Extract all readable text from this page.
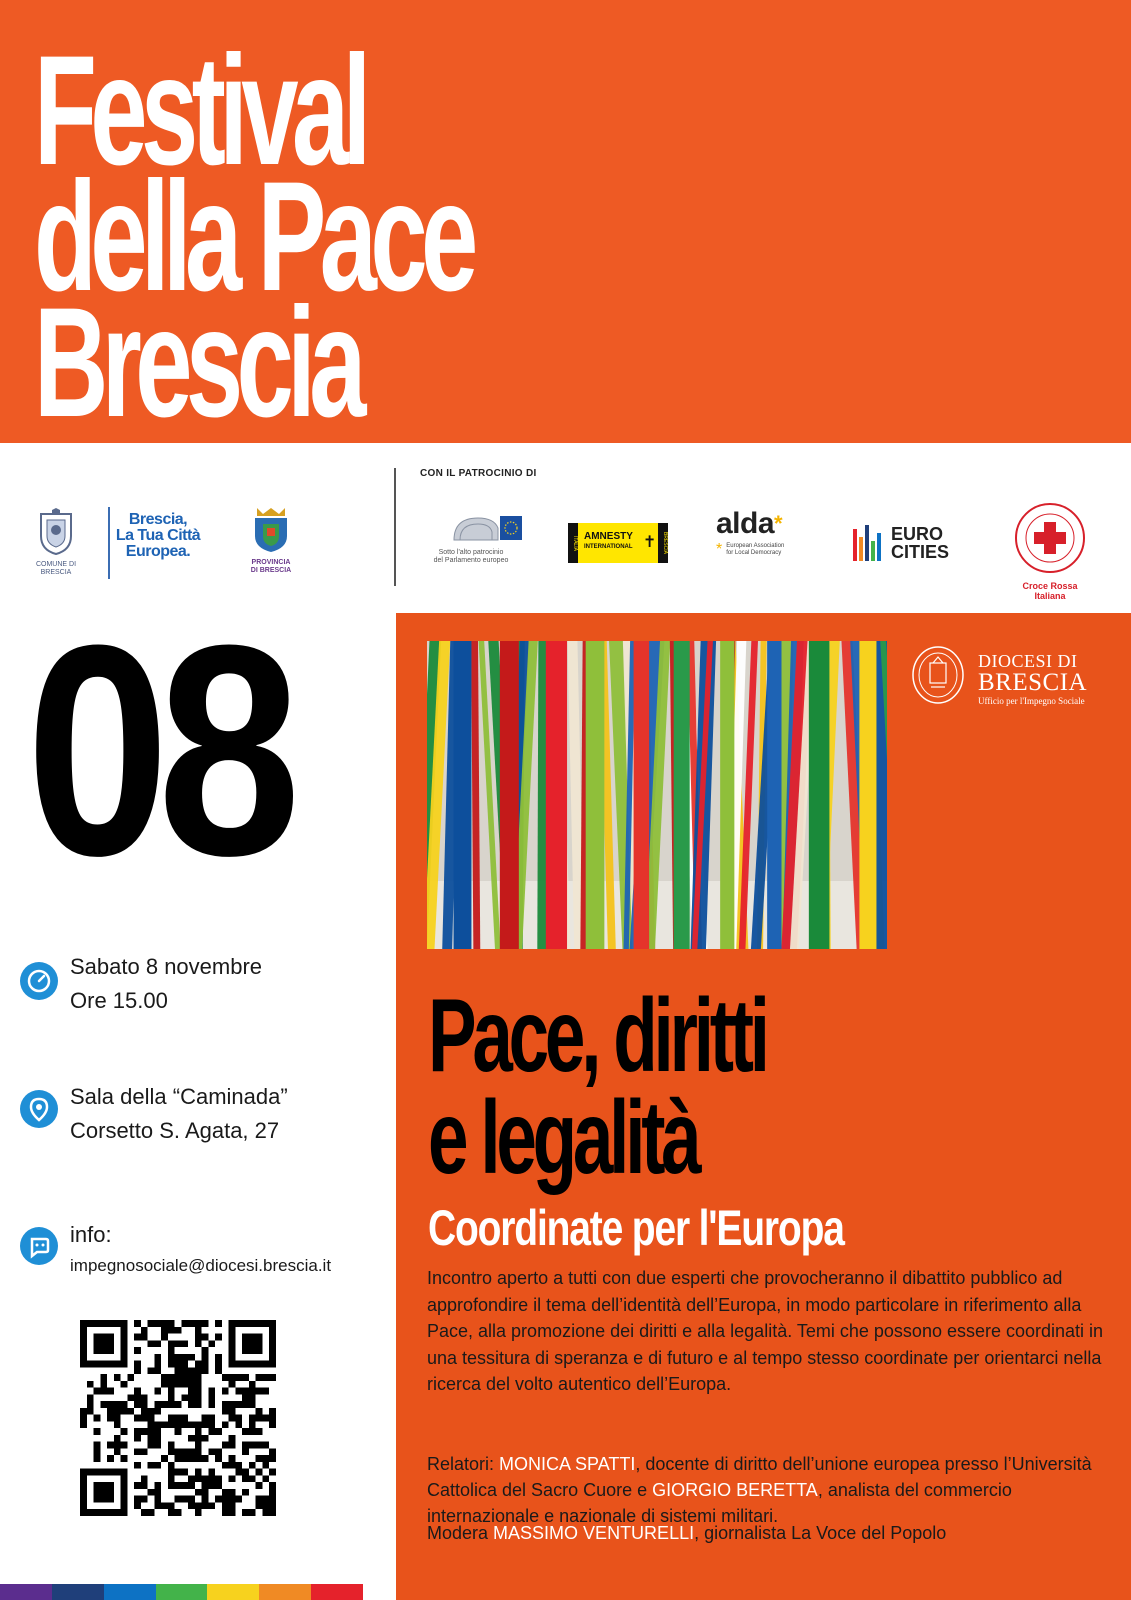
Festival
della Pace
Brescia
COMUNE DI BRESCIA
Brescia,
La Tua Città
Europea.
PROVINCIA
DI BRESCIA
CON IL PATROCINIO DI
Sotto l'alto patrocinio
del Parlamento europeo
ITALIA	BRESCIA
AMNESTY
INTERNATIONAL ✝
alda*
* European Association
for Local Democracy
EURO
CITIES
Croce Rossa Italiana
08
Sabato 8 novembre
Ore 15.00
Sala della “Caminada”
Corsetto S. Agata, 27
info:
impegnosociale@diocesi.brescia.it
DIOCESI DI
BRESCIA
Ufficio per l'Impegno Sociale
Pace, diritti
e legalità
Coordinate per l'Europa
Incontro aperto a tutti con due esperti che provocheranno il dibattito pubblico ad approfondire il tema dell’identità dell’Europa, in modo particolare in riferimento alla Pace, alla promozione dei diritti e alla legalità. Temi che possono essere coordinati in una tessitura di speranza e di futuro e al tempo stesso coordinate per orientarci nella ricerca del volto autentico dell’Europa.
Relatori: MONICA SPATTI, docente di diritto dell’unione europea presso l’Università Cattolica del Sacro Cuore e GIORGIO BERETTA, analista del commercio internazionale e nazionale di sistemi militari.
Modera MASSIMO VENTURELLI, giornalista La Voce del Popolo
